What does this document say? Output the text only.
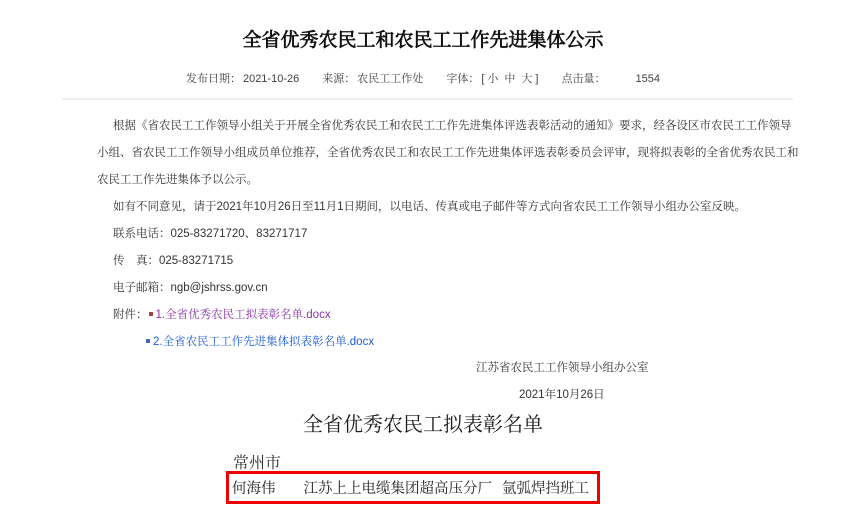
全省优秀农民工和农民工工作先进集体公示
发布日期： 2021-10-26 来源： 农民工工作处 字体： [ 小 中 大 ] 点击量：	1554
根据《省农民工工作领导小组关于开展全省优秀农民工和农民工工作先进集体评选表彰活动的通知》要求，经各设区市农民工工作领导
小组、省农民工工作领导小组成员单位推荐，全省优秀农民工和农民工工作先进集体评选表彰委员会评审，现将拟表彰的全省优秀农民工和
农民工工作先进集体予以公示。
如有不同意见，请于2021年10月26日至11月1日期间，以电话、传真或电子邮件等方式向省农民工工作领导小组办公室反映。
联系电话：025-83271720、83271717
传　真：025-83271715
电子邮箱：ngb@jshrss.gov.cn
附件： 1.全省优秀农民工拟表彰名单.docx
2.全省农民工工作先进集体拟表彰名单.docx
江苏省农民工工作领导小组办公室
2021年10月26日
全省优秀农民工拟表彰名单
常州市
何海伟 江苏上上电缆集团超高压分厂 氩弧焊挡班工
